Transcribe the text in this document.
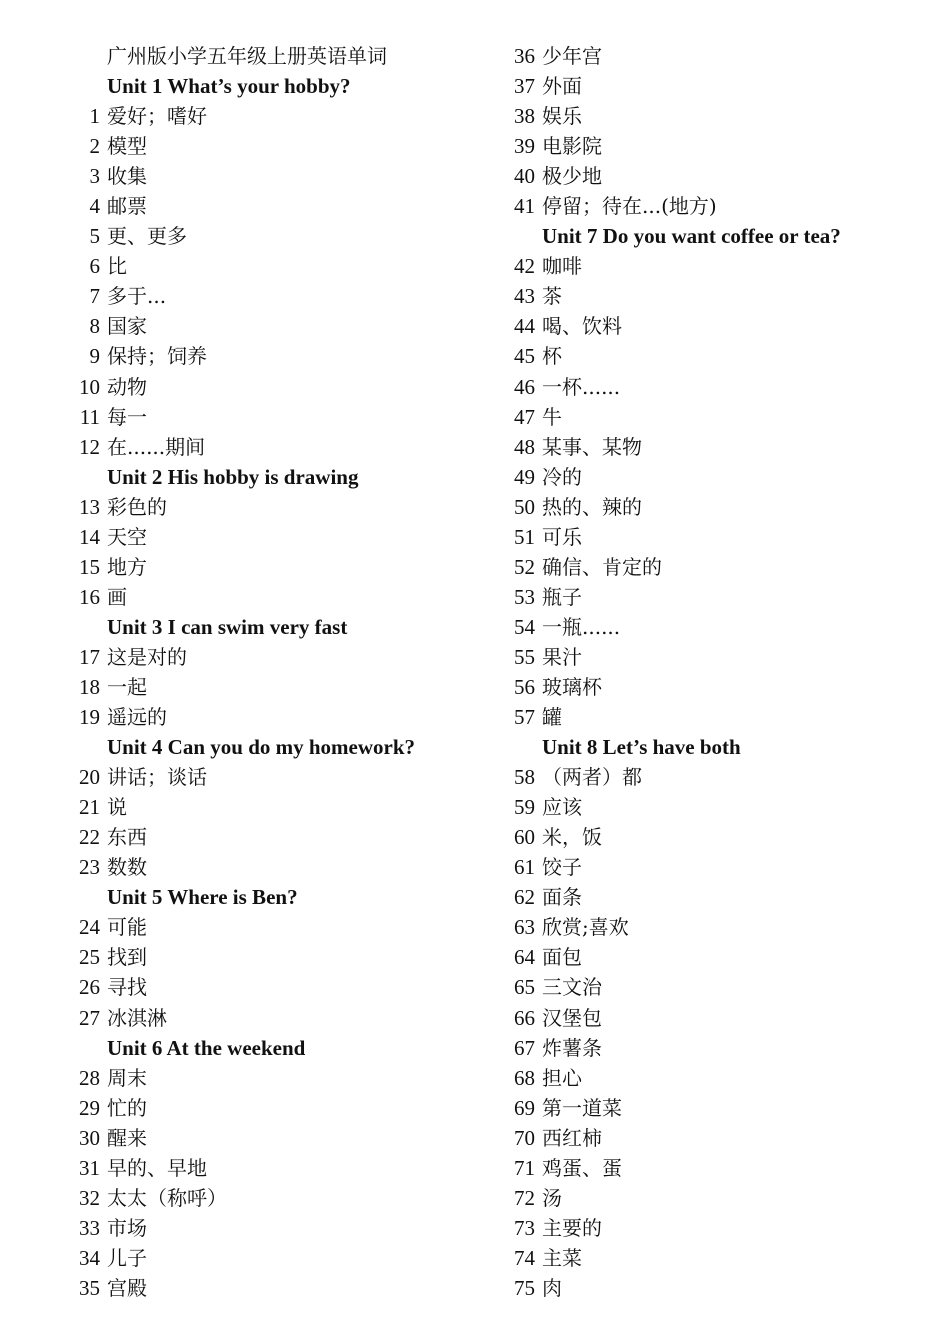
广州版小学五年级上册英语单词
Unit 1 What’s your hobby?
1 爱好；嗜好
2 模型
3 收集
4 邮票
5 更、更多
6 比
7 多于...
8 国家
9 保持；饲养
10 动物
11 每一
12 在......期间
Unit 2 His hobby is drawing
13 彩色的
14 天空
15 地方
16 画
Unit 3 I can swim very fast
17 这是对的
18 一起
19 遥远的
Unit 4 Can you do my homework?
20 讲话；谈话
21 说
22 东西
23 数数
Unit 5 Where is Ben?
24 可能
25 找到
26 寻找
27 冰淇淋
Unit 6 At the weekend
28 周末
29 忙的
30 醒来
31 早的、早地
32 太太（称呼）
33 市场
34 儿子
35 宫殿
36 少年宫
37 外面
38 娱乐
39 电影院
40 极少地
41 停留；待在...(地方)
Unit 7 Do you want coffee or tea?
42 咖啡
43 茶
44 喝、饮料
45 杯
46 一杯......
47 牛
48 某事、某物
49 冷的
50 热的、辣的
51 可乐
52 确信、肯定的
53 瓶子
54 一瓶......
55 果汁
56 玻璃杯
57 罐
Unit 8 Let’s have both
58 （两者）都
59 应该
60 米，饭
61 饺子
62 面条
63 欣赏;喜欢
64 面包
65 三文治
66 汉堡包
67 炸薯条
68 担心
69 第一道菜
70 西红柿
71 鸡蛋、蛋
72 汤
73 主要的
74 主菜
75 肉
